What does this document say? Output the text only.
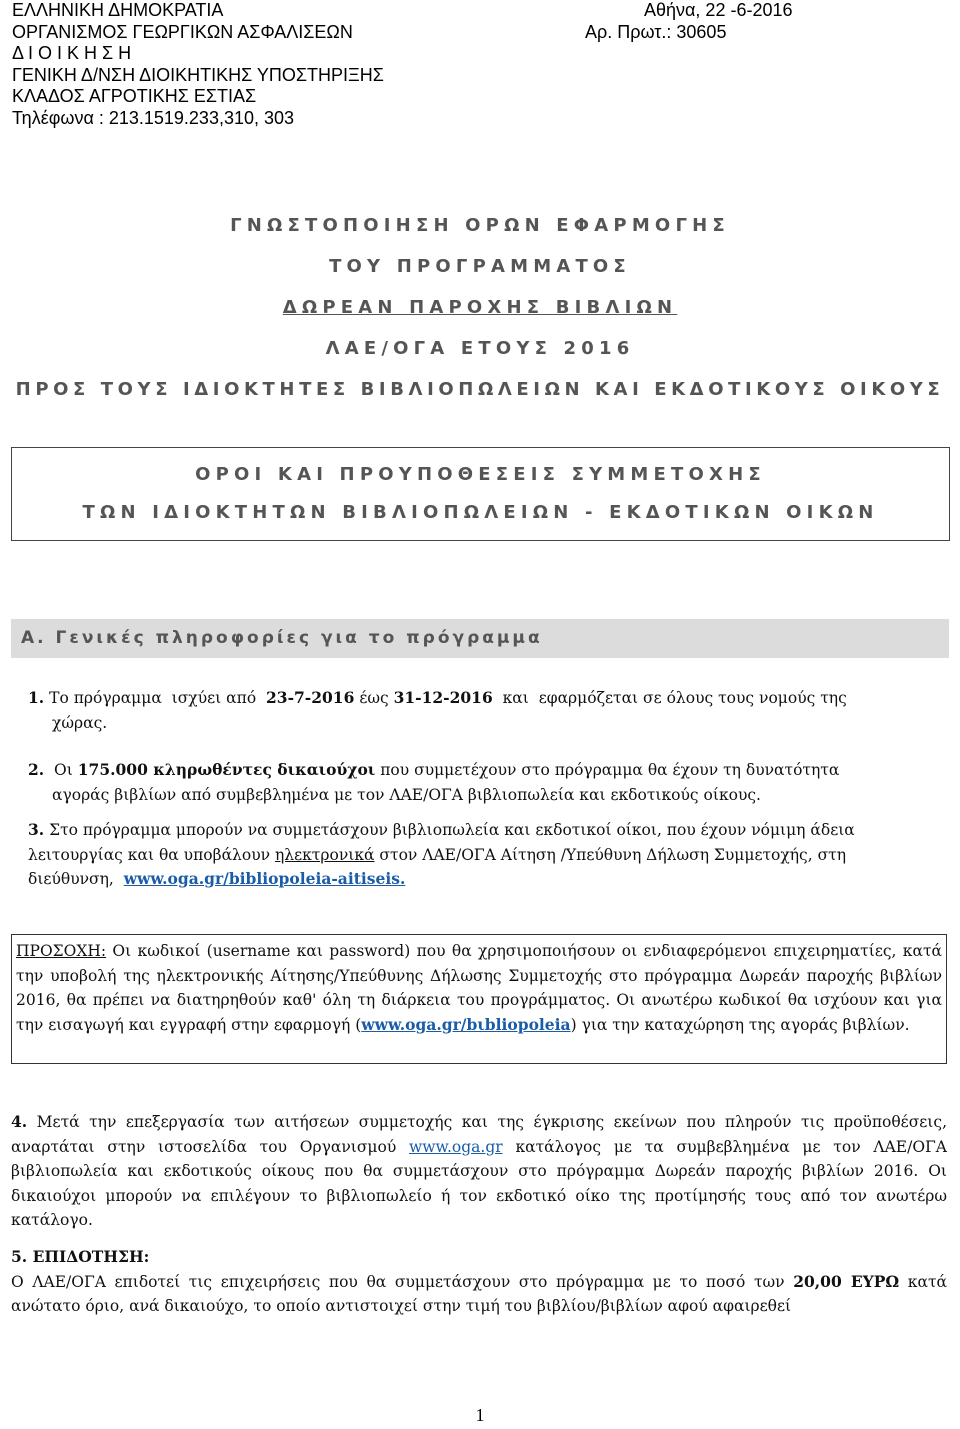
ΕΛΛΗΝΙΚΗ ΔΗΜΟΚΡΑΤΙΑ
ΟΡΓΑΝΙΣΜΟΣ ΓΕΩΡΓΙΚΩΝ ΑΣΦΑΛΙΣΕΩΝ
Δ Ι Ο Ι Κ Η Σ Η
ΓΕΝΙΚΗ Δ/ΝΣΗ ΔΙΟΙΚΗΤΙΚΗΣ ΥΠΟΣΤΗΡΙΞΗΣ
ΚΛΑΔΟΣ ΑΓΡΟΤΙΚΗΣ ΕΣΤΙΑΣ
Τηλέφωνα : 213.1519.233,310, 303
Αθήνα, 22 -6-2016
Αρ. Πρωτ.: 30605
ΓΝΩΣΤΟΠΟΙΗΣΗ ΟΡΩΝ ΕΦΑΡΜΟΓΗΣ
ΤΟΥ ΠΡΟΓΡΑΜΜΑΤΟΣ
ΔΩΡΕΑΝ ΠΑΡΟΧΗΣ ΒΙΒΛΙΩΝ
ΛΑΕ/ΟΓΑ ΕΤΟΥΣ 2016
ΠΡΟΣ ΤΟΥΣ ΙΔΙΟΚΤΗΤΕΣ ΒΙΒΛΙΟΠΩΛΕΙΩΝ ΚΑΙ ΕΚΔΟΤΙΚΟΥΣ ΟΙΚΟΥΣ
ΟΡΟΙ ΚΑΙ ΠΡΟΥΠΟΘΕΣΕΙΣ ΣΥΜΜΕΤΟΧΗΣ
ΤΩΝ ΙΔΙΟΚΤΗΤΩΝ ΒΙΒΛΙΟΠΩΛΕΙΩΝ - ΕΚΔΟΤΙΚΩΝ ΟΙΚΩΝ
Α. Γενικές πληροφορίες για το πρόγραμμα
1. Το πρόγραμμα  ισχύει από  23-7-2016 έως 31-12-2016  και  εφαρμόζεται σε όλους τους νομούς της
χώρας.
2.  Οι 175.000 κληρωθέντες δικαιούχοι που συμμετέχουν στο πρόγραμμα θα έχουν τη δυνατότητα
αγοράς βιβλίων από συμβεβλημένα με τον ΛΑΕ/ΟΓΑ βιβλιοπωλεία και εκδοτικούς οίκους.
3. Στο πρόγραμμα μπορούν να συμμετάσχουν βιβλιοπωλεία και εκδοτικοί οίκοι, που έχουν νόμιμη άδεια
λειτουργίας και θα υποβάλουν ηλεκτρονικά στον ΛΑΕ/ΟΓΑ Αίτηση /Υπεύθυνη Δήλωση Συμμετοχής, στη
διεύθυνση,  www.oga.gr/bibliopoleia-aitiseis.
ΠΡΟΣΟΧΗ: Οι κωδικοί (username και password) που θα χρησιμοποιήσουν οι ενδιαφερόμενοι επιχειρηματίες, κατά την υποβολή της ηλεκτρονικής Αίτησης/Υπεύθυνης Δήλωσης Συμμετοχής στο πρόγραμμα Δωρεάν παροχής βιβλίων 2016, θα πρέπει να διατηρηθούν καθ' όλη τη διάρκεια του προγράμματος. Οι ανωτέρω κωδικοί θα ισχύουν και για την εισαγωγή και εγγραφή στην εφαρμογή (www.oga.gr/bιbliopoleia) για την καταχώρηση της αγοράς βιβλίων.
4. Μετά την επεξεργασία των αιτήσεων συμμετοχής και της έγκρισης εκείνων που πληρούν τις προϋποθέσεις, αναρτάται στην ιστοσελίδα του Οργανισμού www.oga.gr κατάλογος με τα συμβεβλημένα με τον ΛΑΕ/ΟΓΑ βιβλιοπωλεία και εκδοτικούς οίκους που θα συμμετάσχουν στο πρόγραμμα Δωρεάν παροχής βιβλίων 2016. Οι δικαιούχοι μπορούν να επιλέγουν το βιβλιοπωλείο ή τον εκδοτικό οίκο της προτίμησής τους από τον ανωτέρω κατάλογο.
5. ΕΠΙΔΟΤΗΣΗ:
Ο ΛΑΕ/ΟΓΑ επιδοτεί τις επιχειρήσεις που θα συμμετάσχουν στο πρόγραμμα με το ποσό των 20,00 ΕΥΡΩ κατά ανώτατο όριο, ανά δικαιούχο, το οποίο αντιστοιχεί στην τιμή του βιβλίου/βιβλίων αφού αφαιρεθεί
1
